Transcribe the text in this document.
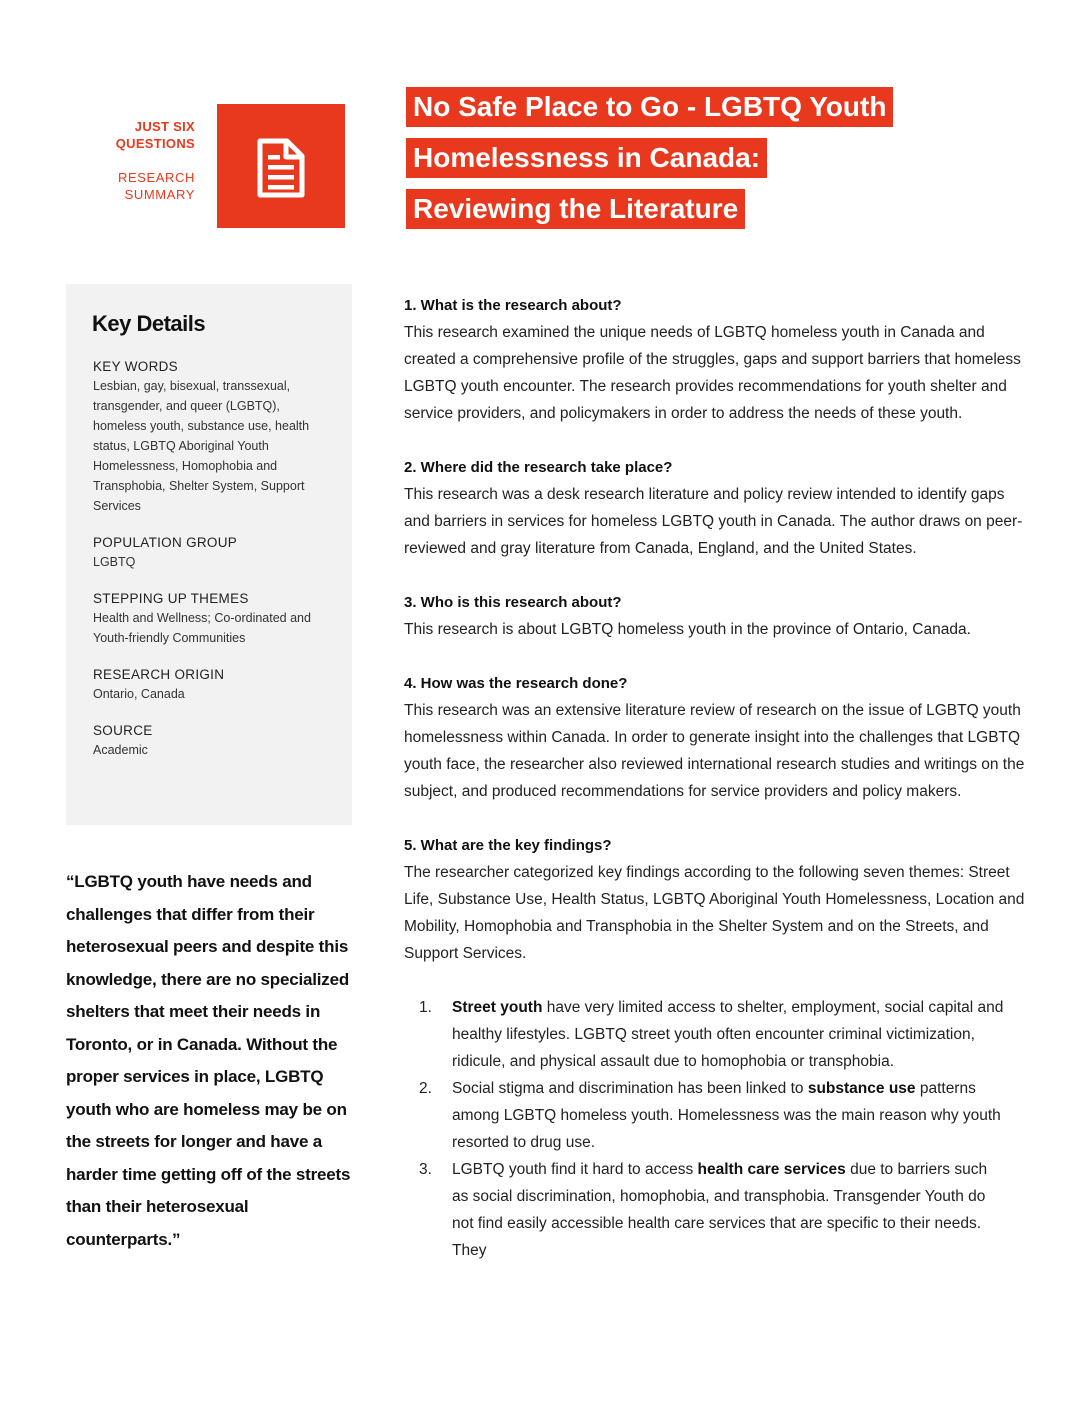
JUST SIX
QUESTIONS
RESEARCH
SUMMARY
No Safe Place to Go - LGBTQ Youth
Homelessness in Canada:
Reviewing the Literature
Key Details
KEY WORDS
Lesbian, gay, bisexual, transsexual, transgender, and queer (LGBTQ), homeless youth, substance use, health status, LGBTQ Aboriginal Youth Homelessness, Homophobia and Transphobia, Shelter System, Support Services
POPULATION GROUP
LGBTQ
STEPPING UP THEMES
Health and Wellness; Co-ordinated and Youth-friendly Communities
RESEARCH ORIGIN
Ontario, Canada
SOURCE
Academic
“LGBTQ youth have needs and challenges that differ from their heterosexual peers and despite this knowledge, there are no specialized shelters that meet their needs in Toronto, or in Canada. Without the proper services in place, LGBTQ youth who are homeless may be on the streets for longer and have a harder time getting off of the streets than their heterosexual counterparts.”
1. What is the research about?

This research examined the unique needs of LGBTQ homeless youth in Canada and created a comprehensive profile of the struggles, gaps and support barriers that homeless LGBTQ youth encounter. The research provides recommendations for youth shelter and service providers, and policymakers in order to address the needs of these youth.

2. Where did the research take place?

This research was a desk research literature and policy review intended to identify gaps and barriers in services for homeless LGBTQ youth in Canada. The author draws on peer-reviewed and gray literature from Canada, England, and the United States.

3. Who is this research about?

This research is about LGBTQ homeless youth in the province of Ontario, Canada.

4. How was the research done?

This research was an extensive literature review of research on the issue of LGBTQ youth homelessness within Canada. In order to generate insight into the challenges that LGBTQ youth face, the researcher also reviewed international research studies and writings on the subject, and produced recommendations for service providers and policy makers.

5. What are the key findings?

The researcher categorized key findings according to the following seven themes: Street Life, Substance Use, Health Status, LGBTQ Aboriginal Youth Homelessness, Location and Mobility, Homophobia and Transphobia in the Shelter System and on the Streets, and Support Services.

1. Street youth have very limited access to shelter, employment, social capital and healthy lifestyles. LGBTQ street youth often encounter criminal victimization, ridicule, and physical assault due to homophobia or transphobia.
2. Social stigma and discrimination has been linked to substance use patterns among LGBTQ homeless youth. Homelessness was the main reason why youth resorted to drug use.
3. LGBTQ youth find it hard to access health care services due to barriers such as social discrimination, homophobia, and transphobia. Transgender Youth do not find easily accessible health care services that are specific to their needs. They
